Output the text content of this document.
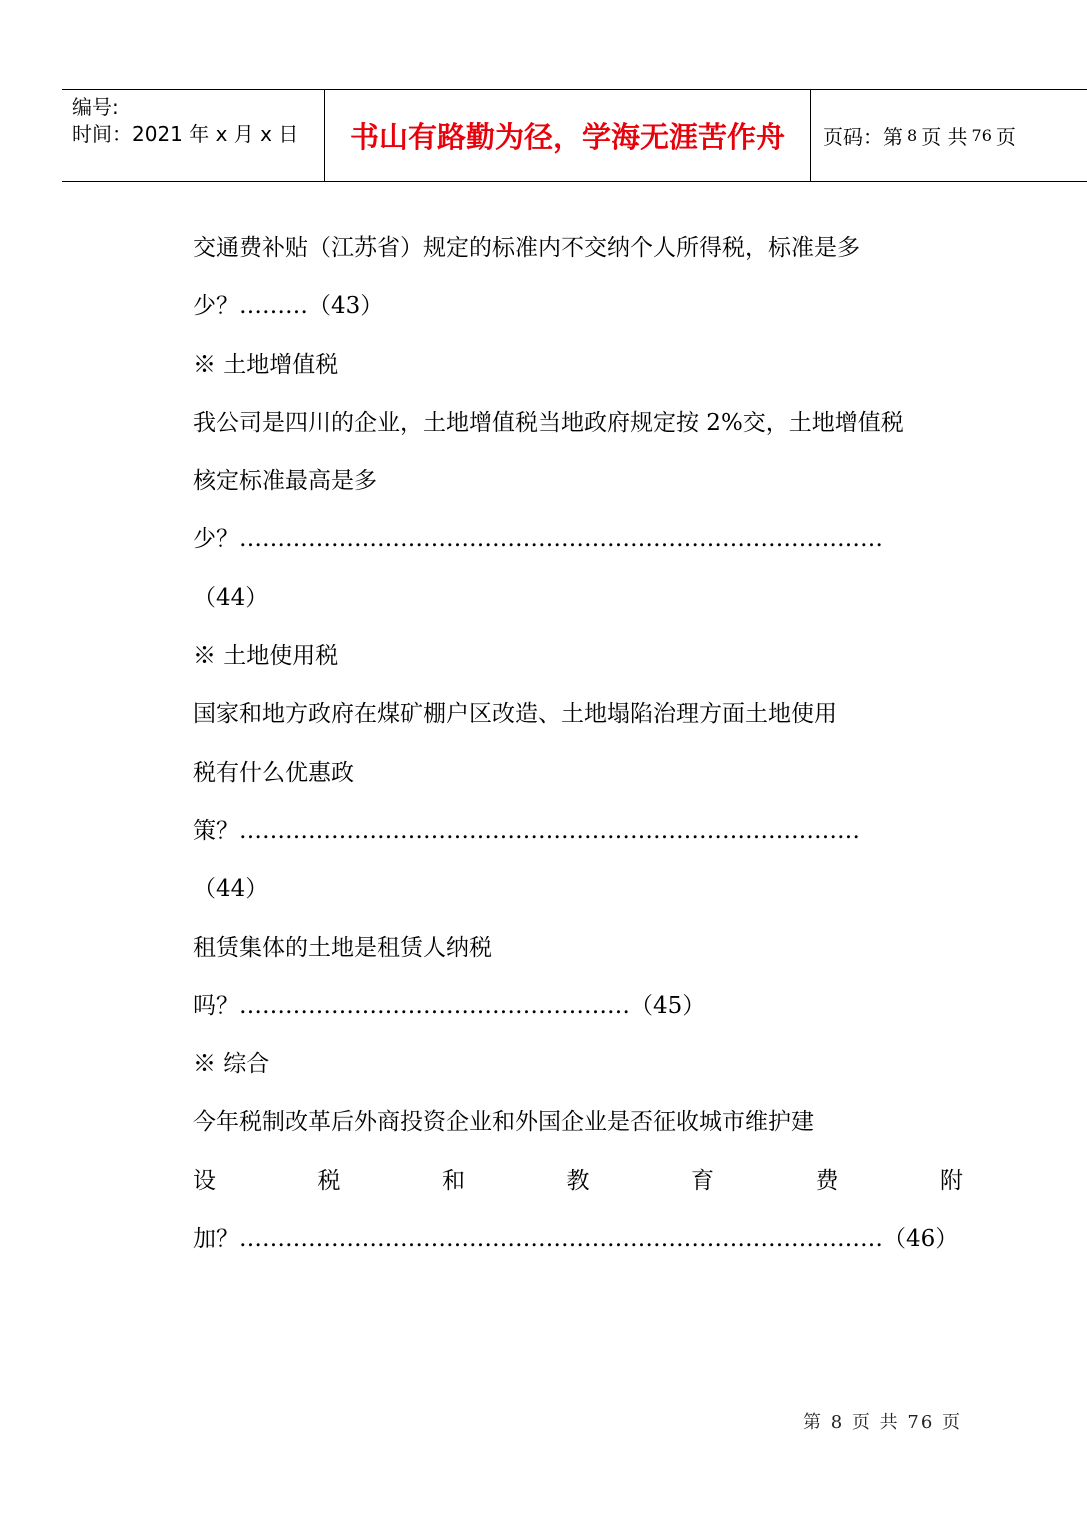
编号:
时间：2021 年 x 月 x 日	书山有路勤为径，学海无涯苦作舟	页码：第 8 页 共 76 页
交通费补贴（江苏省）规定的标准内不交纳个人所得税，标准是多
少？………（43）
※ 土地增值税
我公司是四川的企业，土地增值税当地政府规定按 2%交，土地增值税
核定标准最高是多
少？…………………………………………………………………………
（44）
※ 土地使用税
国家和地方政府在煤矿棚户区改造、土地塌陷治理方面土地使用
税有什么优惠政
策？………………………………………………………………………
（44）
租赁集体的土地是租赁人纳税
吗？……………………………………………（45）
※ 综合
今年税制改革后外商投资企业和外国企业是否征收城市维护建
设	税	和	教	育	费	附
加？…………………………………………………………………………（46）
第 8 页 共 76 页
